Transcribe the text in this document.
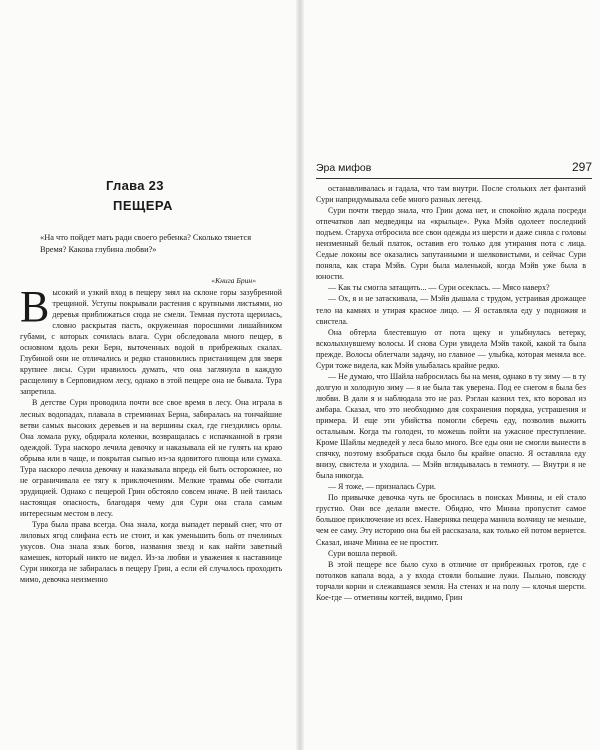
Глава 23
ПЕЩЕРА
«На что пойдет мать ради своего ребенка? Сколько тянется Время? Какова глубина любви?»
«Книга Брин»

Высокий и узкий вход в пещеру зиял на склоне горы зазубренной трещиной. Уступы покрывали растения с крупными листьями, но деревья приближаться сюда не смели. Темная пустота щерилась, словно раскрытая пасть, окруженная поросшими лишайником губами, с которых сочилась влага. Сури обследовала много пещер, в основном вдоль реки Берн, выточенных водой в прибрежных скалах. Глубиной они не отличались и редко становились пристанищем для зверя крупнее лисы. Сури нравилось думать, что она заглянула в каждую расщелину в Серповидном лесу, однако в этой пещере она не бывала. Тура запретила.

В детстве Сури проводила почти все свое время в лесу. Она играла в лесных водопадах, плавала в стремнинах Берна, забиралась на тончайшие ветви самых высоких деревьев и на вершины скал, где гнездились орлы. Она ломала руку, обдирала коленки, возвращалась с испачканной в грязи одеждой. Тура наскоро лечила девочку и наказывала ей не гулять на краю обрыва или в чаще, и покрытая сыпью из-за ядовитого плюща или сумаха. Тура наскоро лечила девочку и наказывала впредь ей быть осторожнее, но не ограничивала ее тягу к приключениям. Мелкие травмы обе считали эрудицией. Однако с пещерой Грин обстояло совсем иначе. В ней таилась настоящая опасность, благодаря чему для Сури она стала самым интересным местом в лесу.

Тура была права всегда. Она знала, когда выпадет первый снег, что от лиловых ягод слифана есть не стоит, и как уменьшить боль от пчелиных укусов. Она знала язык богов, названия звезд и как найти заветный камешек, который никто не видел. Из-за любви и уважения к наставнице Сури никогда не забиралась в пещеру Грин, а если ей случалось проходить мимо, девочка неизменно

Эра мифов	297

останавливалась и гадала, что там внутри. После стольких лет фантазий Сури напридумывала себе много разных легенд.

Сури почти твердо знала, что Грин дома нет, и спокойно ждала посреди отпечатков лап медведицы на «крыльце». Рука Мэйв одолеет последний подъем. Старуха отбросила все свои одежды из шерсти и даже сняла с головы неизменный белый платок, оставив его только для утирания пота с лица. Седые локоны все оказались запутанными и шелковистыми, и сейчас Сури поняла, как стара Мэйв. Сури была маленькой, когда Мэйв уже была в юности.

— Как ты смогла затащить... — Сури осеклась. — Мясо наверх?

— Ох, я и не затаскивала, — Мэйв дышала с трудом, устраивая дрожащее тело на камнях и утирая красное лицо. — Я оставляла еду у подножия и свистела.

Она обтерла блестевшую от пота щеку и улыбнулась ветерку, всколыхнувшему волосы. И снова Сури увидела Мэйв такой, какой та была прежде. Волосы облегчали задачу, но главное — улыбка, которая меняла все. Сури тоже видела, как Мэйв улыбалась крайне редко.

— Не думаю, что Шайла набросилась бы на меня, однако в ту зиму — в ту долгую и холодную зиму — я не была так уверена. Под ее снегом я была без любви. В дали я и наблюдала это не раз. Рэглан казнил тех, кто воровал из амбара. Сказал, что это необходимо для сохранения порядка, устрашения и примера. И еще эти убийства помогли сберечь еду, позволив выжить остальным. Когда ты голоден, то можешь пойти на ужасное преступление. Кроме Шайлы медведей у леса было много. Все еды они не смогли вынести в спячку, поэтому взобраться сюда было бы крайне опасно. Я оставляла еду внизу, свистела и уходила. — Мэйв вглядывалась в темноту. — Внутри я не была никогда.

— Я тоже, — призналась Сури.

По привычке девочка чуть не бросилась в поисках Минны, и ей стало грустно. Они все делали вместе. Обидно, что Минна пропустит самое большое приключение из всех. Наверняка пещера манила волчицу не меньше, чем ее саму. Эту историю она бы ей рассказала, как только ей потом вернется. Сказал, иначе Минна ее не простит.

Сури вошла первой.

В этой пещере все было сухо в отличие от прибрежных гротов, где с потолков капала вода, а у входа стояли большие лужи. Пыльно, повсюду торчали корни и слежавшаяся земля. На стенах и на полу — клочья шерсти. Кое-где — отметины когтей, видимо, Грин
